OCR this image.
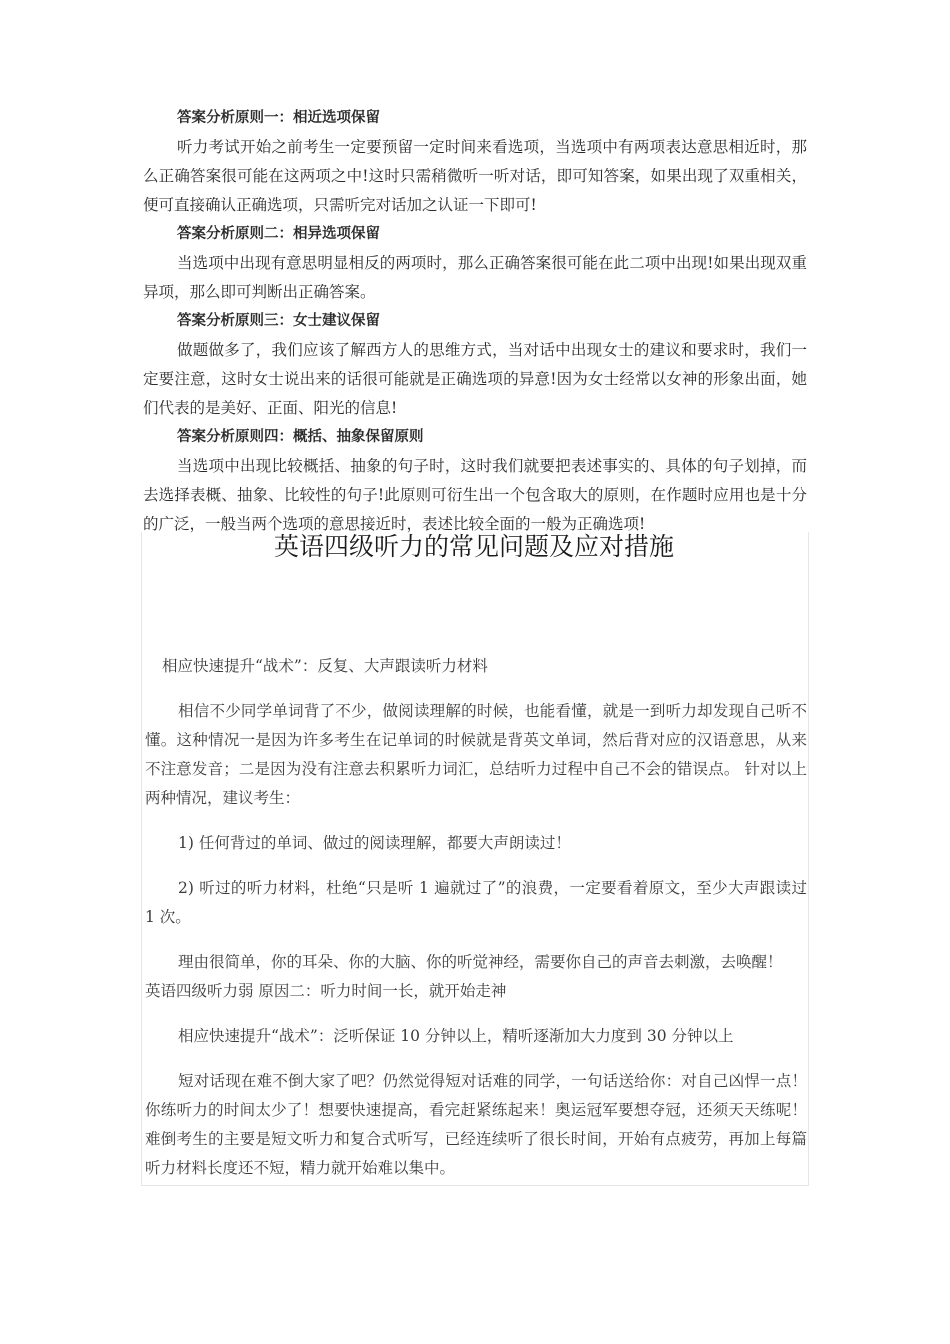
答案分析原则一：相近选项保留
听力考试开始之前考生一定要预留一定时间来看选项，当选项中有两项表达意思相近时，那么正确答案很可能在这两项之中!这时只需稍微听一听对话，即可知答案，如果出现了双重相关，便可直接确认正确选项，只需听完对话加之认证一下即可!
答案分析原则二：相异选项保留
当选项中出现有意思明显相反的两项时，那么正确答案很可能在此二项中出现!如果出现双重异项，那么即可判断出正确答案。
答案分析原则三：女士建议保留
做题做多了，我们应该了解西方人的思维方式，当对话中出现女士的建议和要求时，我们一定要注意，这时女士说出来的话很可能就是正确选项的异意!因为女士经常以女神的形象出面，她们代表的是美好、正面、阳光的信息!
答案分析原则四：概括、抽象保留原则
当选项中出现比较概括、抽象的句子时，这时我们就要把表述事实的、具体的句子划掉，而去选择表概、抽象、比较性的句子!此原则可衍生出一个包含取大的原则，在作题时应用也是十分的广泛，一般当两个选项的意思接近时，表述比较全面的一般为正确选项!
英语四级听力的常见问题及应对措施

相应快速提升“战术”：反复、大声跟读听力材料

相信不少同学单词背了不少，做阅读理解的时候，也能看懂，就是一到听力却发现自己听不懂。这种情况一是因为许多考生在记单词的时候就是背英文单词，然后背对应的汉语意思，从来不注意发音；二是因为没有注意去积累听力词汇，总结听力过程中自己不会的错误点。 针对以上两种情况，建议考生：

1) 任何背过的单词、做过的阅读理解，都要大声朗读过！

2) 听过的听力材料，杜绝“只是听 1 遍就过了”的浪费，一定要看着原文，至少大声跟读过 1 次。

理由很简单，你的耳朵、你的大脑、你的听觉神经，需要你自己的声音去刺激，去唤醒！

英语四级听力弱 原因二：听力时间一长，就开始走神

相应快速提升“战术”：泛听保证 10 分钟以上，精听逐渐加大力度到 30 分钟以上

短对话现在难不倒大家了吧？仍然觉得短对话难的同学，一句话送给你：对自己凶悍一点！你练听力的时间太少了！想要快速提高，看完赶紧练起来！奥运冠军要想夺冠，还须天天练呢！　　难倒考生的主要是短文听力和复合式听写，已经连续听了很长时间，开始有点疲劳，再加上每篇听力材料长度还不短，精力就开始难以集中。
